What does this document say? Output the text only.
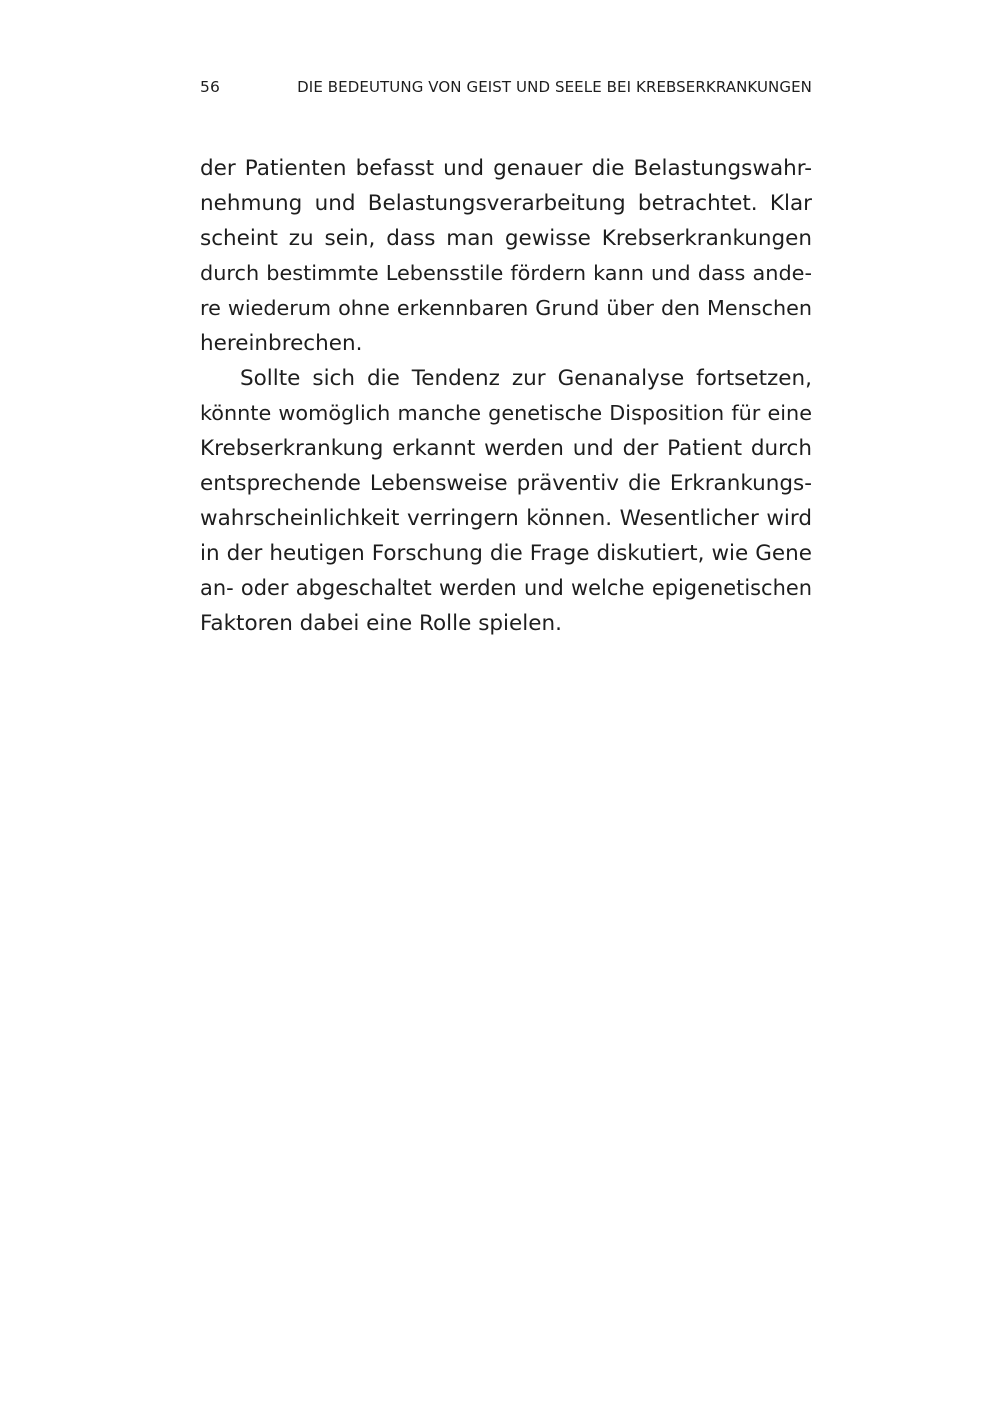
56	DIE BEDEUTUNG VON GEIST UND SEELE BEI KREBSERKRANKUNGEN
der Patienten befasst und genauer die Belastungswahr-
nehmung und Belastungsverarbeitung betrachtet. Klar
scheint zu sein, dass man gewisse Krebserkrankungen
durch bestimmte Lebensstile fördern kann und dass ande-
re wiederum ohne erkennbaren Grund über den Menschen
hereinbrechen.
Sollte sich die Tendenz zur Genanalyse fortsetzen,
könnte womöglich manche genetische Disposition für eine
Krebserkrankung erkannt werden und der Patient durch
entsprechende Lebensweise präventiv die Erkrankungs-
wahrscheinlichkeit verringern können. Wesentlicher wird
in der heutigen Forschung die Frage diskutiert, wie Gene
an- oder abgeschaltet werden und welche epigenetischen
Faktoren dabei eine Rolle spielen.
